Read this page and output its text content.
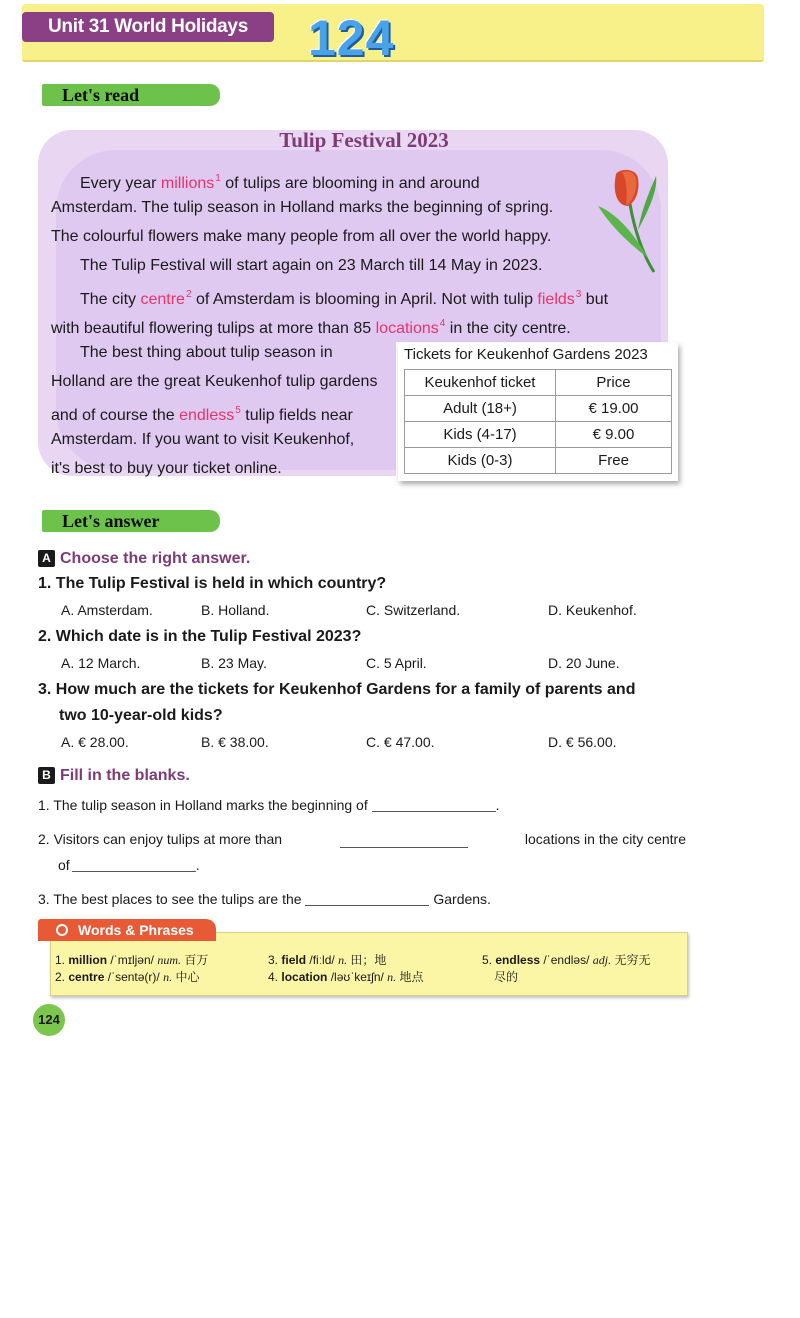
Unit 31 World Holidays	124
Let's read
Tulip Festival 2023
Every year millions$^1$ of tulips are blooming in and around
Amsterdam. The tulip season in Holland marks the beginning of spring.
The colourful flowers make many people from all over the world happy.
The Tulip Festival will start again on 23 March till 14 May in 2023.
The city centre$^2$ of Amsterdam is blooming in April. Not with tulip fields$^3$ but
with beautiful flowering tulips at more than 85 locations$^4$ in the city centre.
The best thing about tulip season in
Holland are the great Keukenhof tulip gardens
and of course the endless$^5$ tulip fields near
Amsterdam. If you want to visit Keukenhof,
it's best to buy your ticket online.
Tickets for Keukenhof Gardens 2023
Keukenhof ticket	Price
Adult (18+)	€ 19.00
Kids (4-17)	€ 9.00
Kids (0-3)	Free
Let's answer
A Choose the right answer.
1. The Tulip Festival is held in which country?
A. Amsterdam.	B. Holland.	C. Switzerland.	D. Keukenhof.
2. Which date is in the Tulip Festival 2023?
A. 12 March.	B. 23 May.	C. 5 April.	D. 20 June.
3. How much are the tickets for Keukenhof Gardens for a family of parents and
two 10-year-old kids?
A. € 28.00.	B. € 38.00.	C. € 47.00.	D. € 56.00.
B Fill in the blanks.
1. The tulip season in Holland marks the beginning of	.
2. Visitors can enjoy tulips at more than	locations in the city centre
of	.
3. The best places to see the tulips are the	Gardens.
Words & Phrases
1. million /ˈmɪljən/ num. 百万
2. centre /ˈsentə(r)/ n. 中心
3. field /fiːld/ n. 田；地
4. location /ləʊˈkeɪʃn/ n. 地点
5. endless /ˈendləs/ adj. 无穷无
尽的
124
